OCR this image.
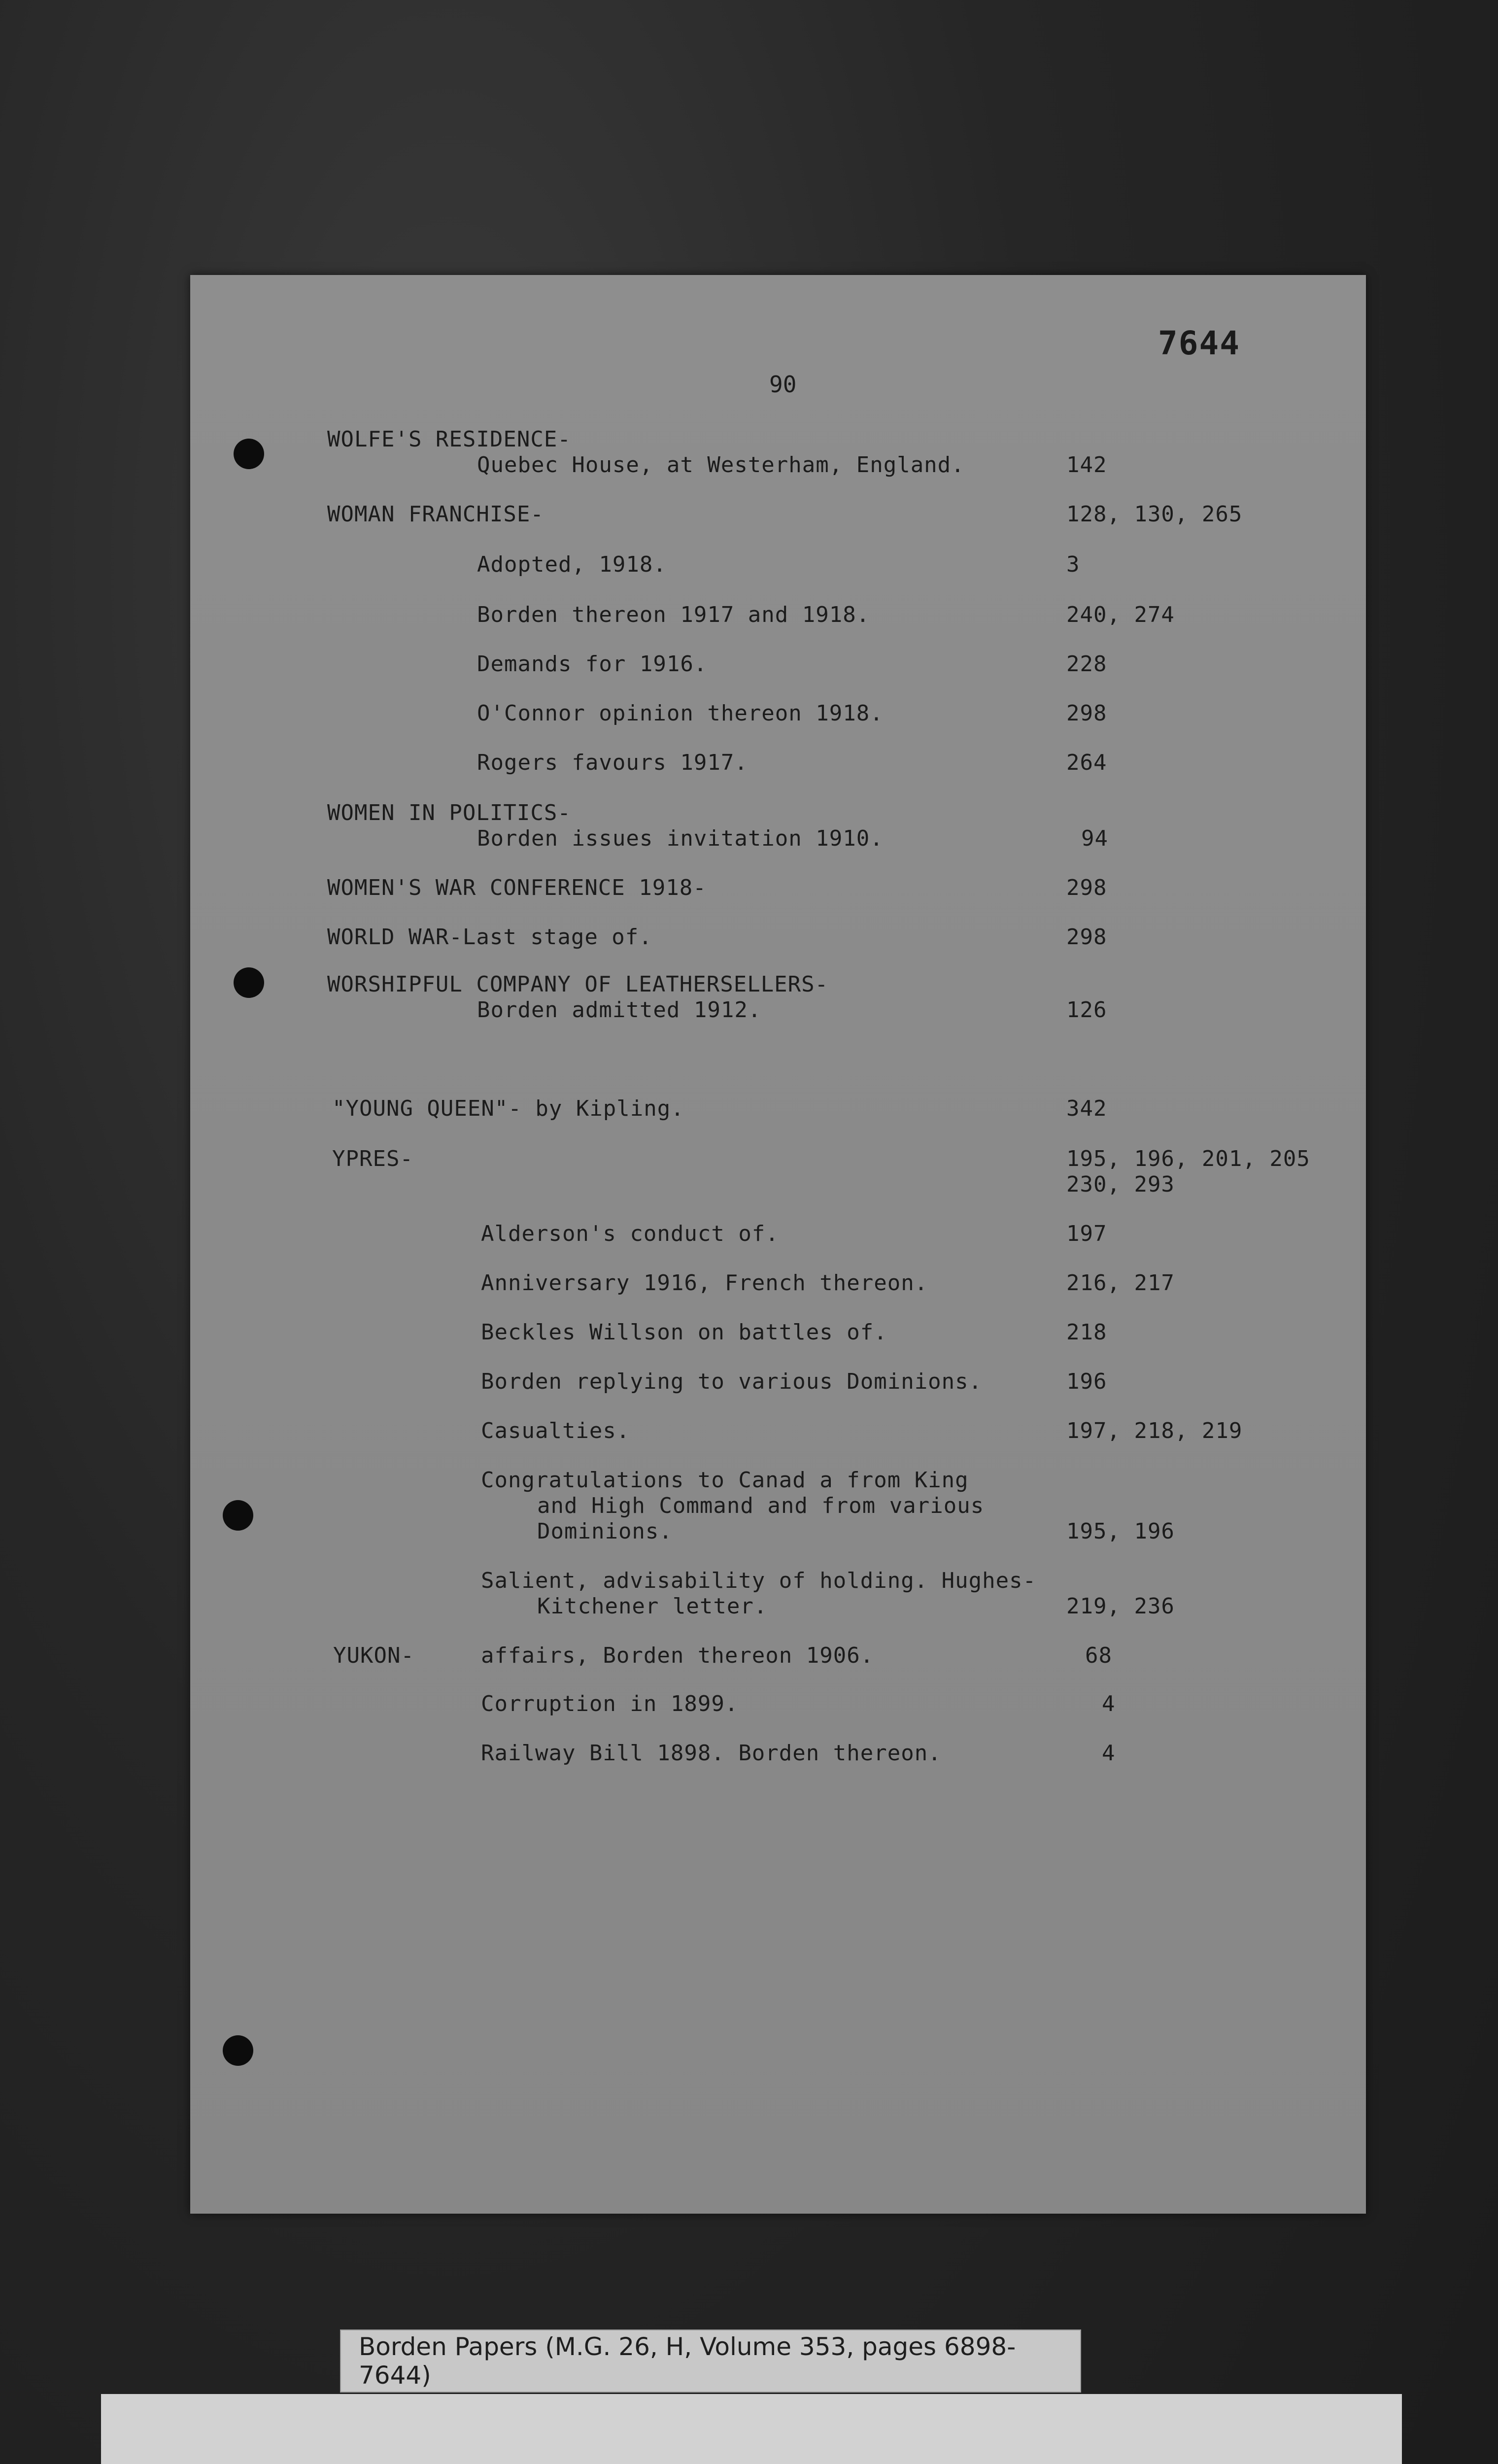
7644
90
WOLFE'S RESIDENCE-
Quebec House, at Westerham, England.	142
WOMAN FRANCHISE-	128, 130, 265
Adopted, 1918.	3
Borden thereon 1917 and 1918.	240, 274
Demands for 1916.	228
O'Connor opinion thereon 1918.	298
Rogers favours 1917.	264
WOMEN IN POLITICS-
Borden issues invitation 1910.	94
WOMEN'S WAR CONFERENCE 1918-	298
WORLD WAR-Last stage of.	298
WORSHIPFUL COMPANY OF LEATHERSELLERS-
Borden admitted 1912.	126
"YOUNG QUEEN"- by Kipling.	342
YPRES-	195, 196, 201, 205
230, 293
Alderson's conduct of.	197
Anniversary 1916, French thereon.	216, 217
Beckles Willson on battles of.	218
Borden replying to various Dominions.	196
Casualties.	197, 218, 219
Congratulations to Canad a from King
and High Command and from various
Dominions.	195, 196
Salient, advisability of holding. Hughes-
Kitchener letter.	219, 236
YUKON-	affairs, Borden thereon 1906.	68
Corruption in 1899.	4
Railway Bill 1898. Borden thereon.	4
Borden Papers (M.G. 26, H, Volume 353, pages 6898-7644)
